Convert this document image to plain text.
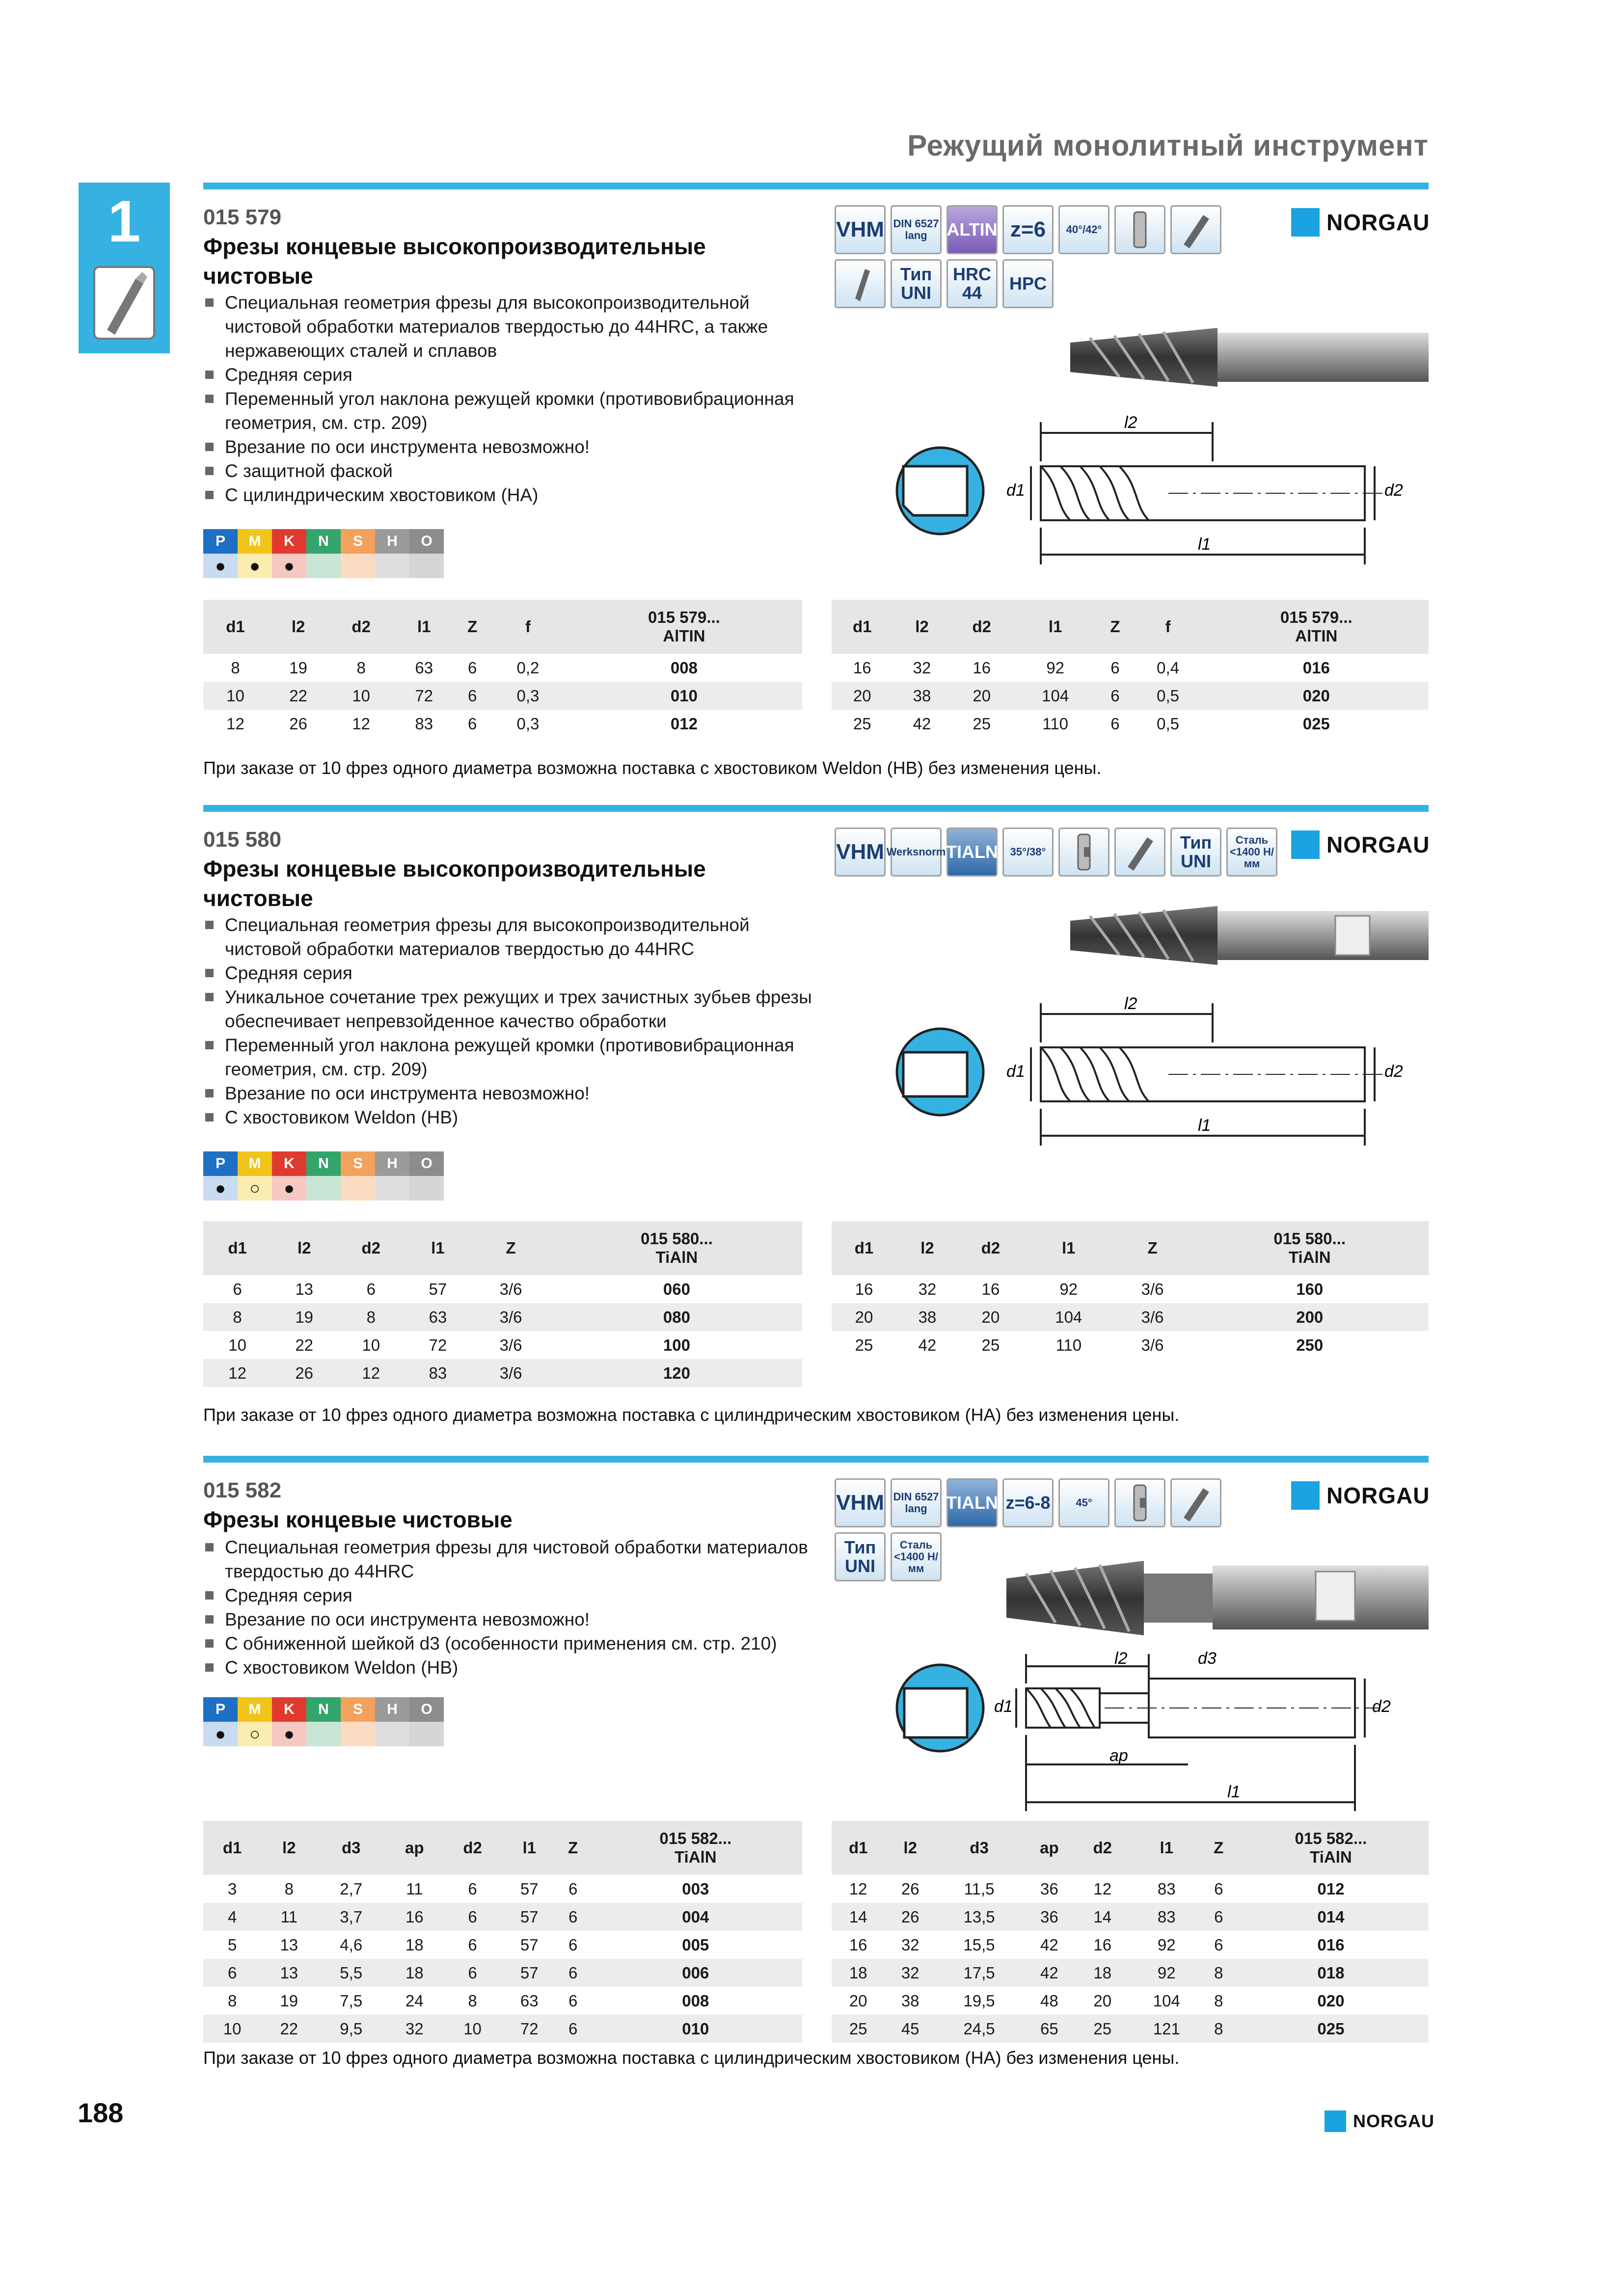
Режущий монолитный инструмент
1	015 579
Фрезы концевые высокопроизводительные чистовые
Специальная геометрия фрезы для высокопроизводительной чистовой обработки материалов твердостью до 44HRC, а также нержавеющих сталей и сплавов
Средняя серия
Переменный угол наклона режущей кромки (противовибрационная геометрия, см. стр. 209)
Врезание по оси инструмента невозможно!
С защитной фаской
С цилиндрическим хвостовиком (HA)
VHM DIN 6527 lang	ALTIN z=6 40°/42°
Тип UNI
HRC 44	HPC
NORGAU
l2
l1
d1	d2
P	M	K	N	S	H	O
●	●	●
d1	l2	d2	l1	Z	f	015 579...
AlTIN
8	19	8	63	6	0,2	008
10	22	10	72	6	0,3	010
12	26	12	83	6	0,3	012
d1	l2	d2	l1	Z	f	015 579...
AlTIN
16	32	16	92	6	0,4	016
20	38	20	104	6	0,5	020
25	42	25	110	6	0,5	025
При заказе от 10 фрез одного диаметра возможна поставка с хвостовиком Weldon (HB) без изменения цены.
015 580
Фрезы концевые высокопроизводительные чистовые
Специальная геометрия фрезы для высокопроизводительной чистовой обработки материалов твердостью до 44HRC
Средняя серия
Уникальное сочетание трех режущих и трех зачистных зубьев фрезы обеспечивает непревзойденное качество обработки
Переменный угол наклона режущей кромки (противовибрационная геометрия, см. стр. 209)
Врезание по оси инструмента невозможно!
С хвостовиком Weldon (HB)
VHM Werksnorm TIALN 35°/38°	Тип UNI
Сталь
<1400 Н/мм
NORGAU
l2
l1
d1	d2
P	M	K	N	S	H	O
●	○	●
d1	l2	d2	l1	Z	015 580...
TiAlN
6	13	6	57	3/6	060
8	19	8	63	3/6	080
10	22	10	72	3/6	100
12	26	12	83	3/6	120
d1	l2	d2	l1	Z	015 580...
TiAlN
16	32	16	92	3/6	160
20	38	20	104	3/6	200
25	42	25	110	3/6	250
При заказе от 10 фрез одного диаметра возможна поставка с цилиндрическим хвостовиком (HA) без изменения цены.
015 582
Фрезы концевые чистовые
Специальная геометрия фрезы для чистовой обработки материалов твердостью до 44HRC
Средняя серия
Врезание по оси инструмента невозможно!
С обниженной шейкой d3 (особенности применения см. стр. 210)
С хвостовиком Weldon (HB)
VHM DIN 6527 lang	TIALN z=6-8 45°
Тип UNI
Сталь
<1400 Н/мм
NORGAU
l2	d3
ap
l1
d1	d2
P	M	K	N	S	H	O
●	○	●
d1	l2	d3	ap	d2	l1	Z	015 582...
TiAlN
3	8	2,7	11	6	57	6	003
4	11	3,7	16	6	57	6	004
5	13	4,6	18	6	57	6	005
6	13	5,5	18	6	57	6	006
8	19	7,5	24	8	63	6	008
10	22	9,5	32	10	72	6	010
d1	l2	d3	ap	d2	l1	Z	015 582...
TiAlN
12	26	11,5	36	12	83	6	012
14	26	13,5	36	14	83	6	014
16	32	15,5	42	16	92	6	016
18	32	17,5	42	18	92	8	018
20	38	19,5	48	20	104	8	020
25	45	24,5	65	25	121	8	025
При заказе от 10 фрез одного диаметра возможна поставка с цилиндрическим хвостовиком (HA) без изменения цены.
188	NORGAU
